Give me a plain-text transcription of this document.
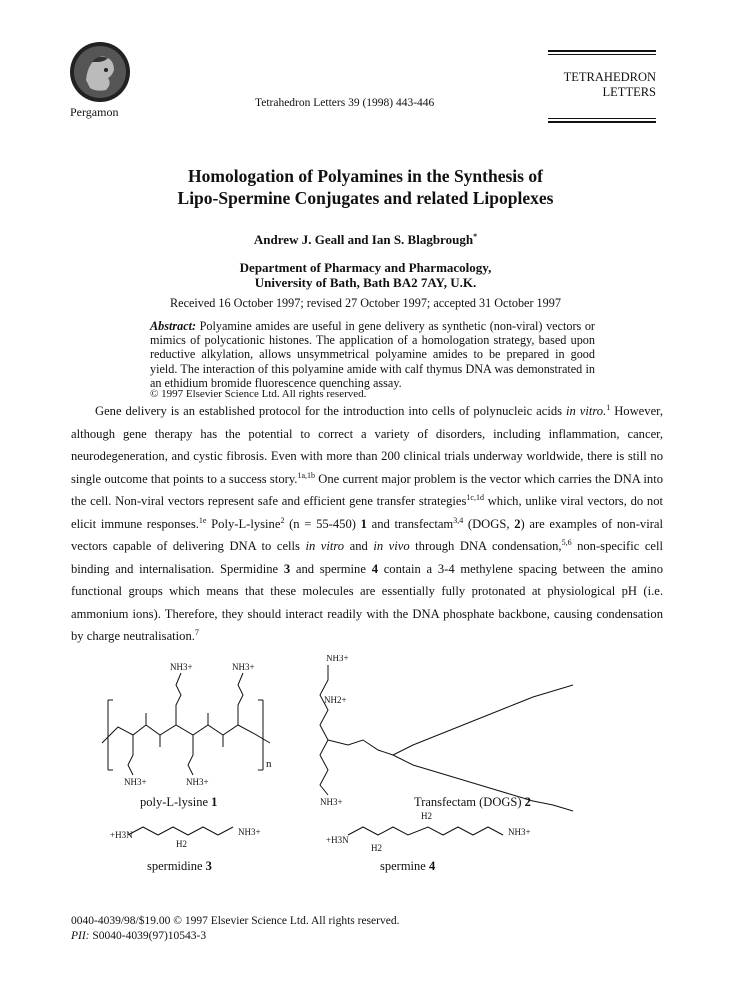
Pergamon
Tetrahedron Letters 39 (1998) 443-446
TETRAHEDRON
LETTERS
Homologation of Polyamines in the Synthesis of
Lipo-Spermine Conjugates and related Lipoplexes
Andrew J. Geall and Ian S. Blagbrough*
Department of Pharmacy and Pharmacology,
University of Bath, Bath BA2 7AY, U.K.
Received 16 October 1997; revised 27 October 1997; accepted 31 October 1997
Abstract: Polyamine amides are useful in gene delivery as synthetic (non-viral) vectors or mimics of polycationic histones. The application of a homologation strategy, based upon reductive alkylation, allows unsymmetrical polyamine amides to be prepared in good yield. The interaction of this polyamine amide with calf thymus DNA was demonstrated in an ethidium bromide fluorescence quenching assay.
© 1997 Elsevier Science Ltd. All rights reserved.

Gene delivery is an established protocol for the introduction into cells of polynucleic acids in vitro.$^1$ However, although gene therapy has the potential to correct a variety of disorders, including inflammation, cancer, neurodegeneration, and cystic fibrosis. Even with more than 200 clinical trials underway worldwide, there is still no single outcome that points to a success story.$^{1a,1b}$ One current major problem is the vector which carries the DNA into the cell. Non-viral vectors represent safe and efficient gene transfer strategies$^{1c,1d}$ which, unlike viral vectors, do not elicit immune responses.$^{1e}$ Poly-L-lysine$^2$ (n = 55-450) 1 and transfectam$^{3,4}$ (DOGS, 2) are examples of non-viral vectors capable of delivering DNA to cells in vitro and in vivo through DNA condensation,$^{5,6}$ non-specific cell binding and internalisation. Spermidine 3 and spermine 4 contain a 3-4 methylene spacing between the amino functional groups which means that these molecules are essentially fully protonated at physiological pH (i.e. ammonium ions). Therefore, they should interact readily with the DNA phosphate backbone, causing condensation by charge neutralisation.$^7$

NH3+	NH3+
NH3+	NH3+
n
NH3+
NH2+
NH3+
+H3N	NH3+
H2	+H3N
NH3+
H2
H2
poly-L-lysine 1	Transfectam (DOGS) 2
spermidine 3	spermine 4
0040-4039/98/$19.00 © 1997 Elsevier Science Ltd. All rights reserved.
PII: S0040-4039(97)10543-3
